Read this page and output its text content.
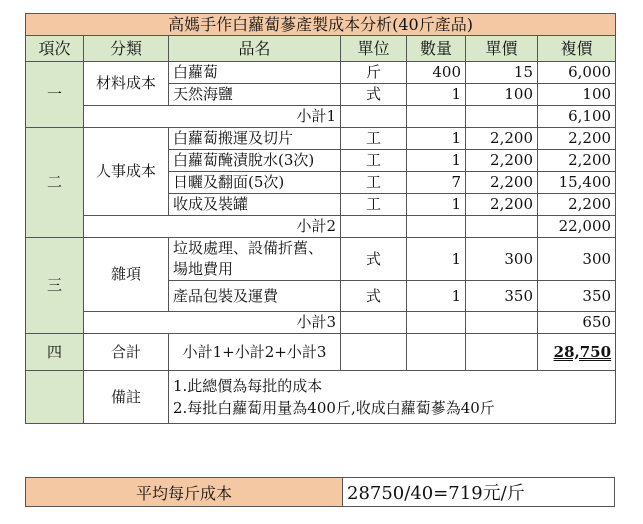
高媽手作白蘿蔔蔘產製成本分析(40斤產品)						
項次	分類	品名	單位	數量	單價	複價
一	材料成本	白蘿蔔	斤	400	15	6,000
		天然海鹽	式	1	100	100
	小計1					6,100
二	人事成本	白蘿蔔搬運及切片	工	1	2,200	2,200
		白蘿蔔醃漬脫水(3次)	工	1	2,200	2,200
		日曬及翻面(5次)	工	7	2,200	15,400
		收成及裝罐	工	1	2,200	2,200
	小計2					22,000
三	雜項	垃圾處理、設備折舊、場地費用	式	1	300	300
		產品包裝及運費	式	1	350	350
	小計3					650
四	合計	小計1+小計2+小計3				28,750
	備註	1.此總價為每批的成本
2.每批白蘿蔔用量為400斤,收成白蘿蔔蔘為40斤				
平均每斤成本	28750/40=719元/斤
